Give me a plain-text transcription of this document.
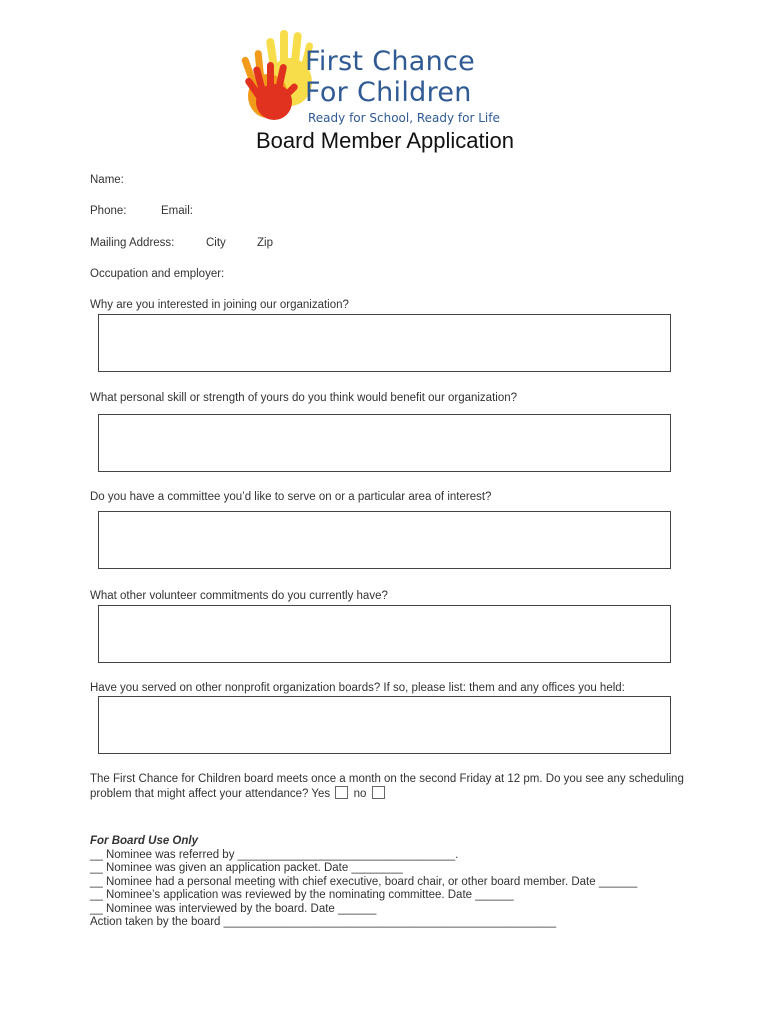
First Chance
For Children
Ready for School, Ready for Life
Board Member Application
Name:
Phone:	Email:
Mailing Address:	City	Zip
Occupation and employer:
Why are you interested in joining our organization?
What personal skill or strength of yours do you think would benefit our organization?
Do you have a committee you’d like to serve on or a particular area of interest?
What other volunteer commitments do you currently have?
Have you served on other nonprofit organization boards? If so, please list: them and any offices you held:
The First Chance for Children board meets once a month on the second Friday at 12 pm. Do you see any scheduling problem that might affect your attendance? Yes no
For Board Use Only
__ Nominee was referred by __________________________________.
__ Nominee was given an application packet. Date ________
__ Nominee had a personal meeting with chief executive, board chair, or other board member. Date ______
__ Nominee’s application was reviewed by the nominating committee. Date ______
__ Nominee was interviewed by the board. Date ______
Action taken by the board ____________________________________________________
